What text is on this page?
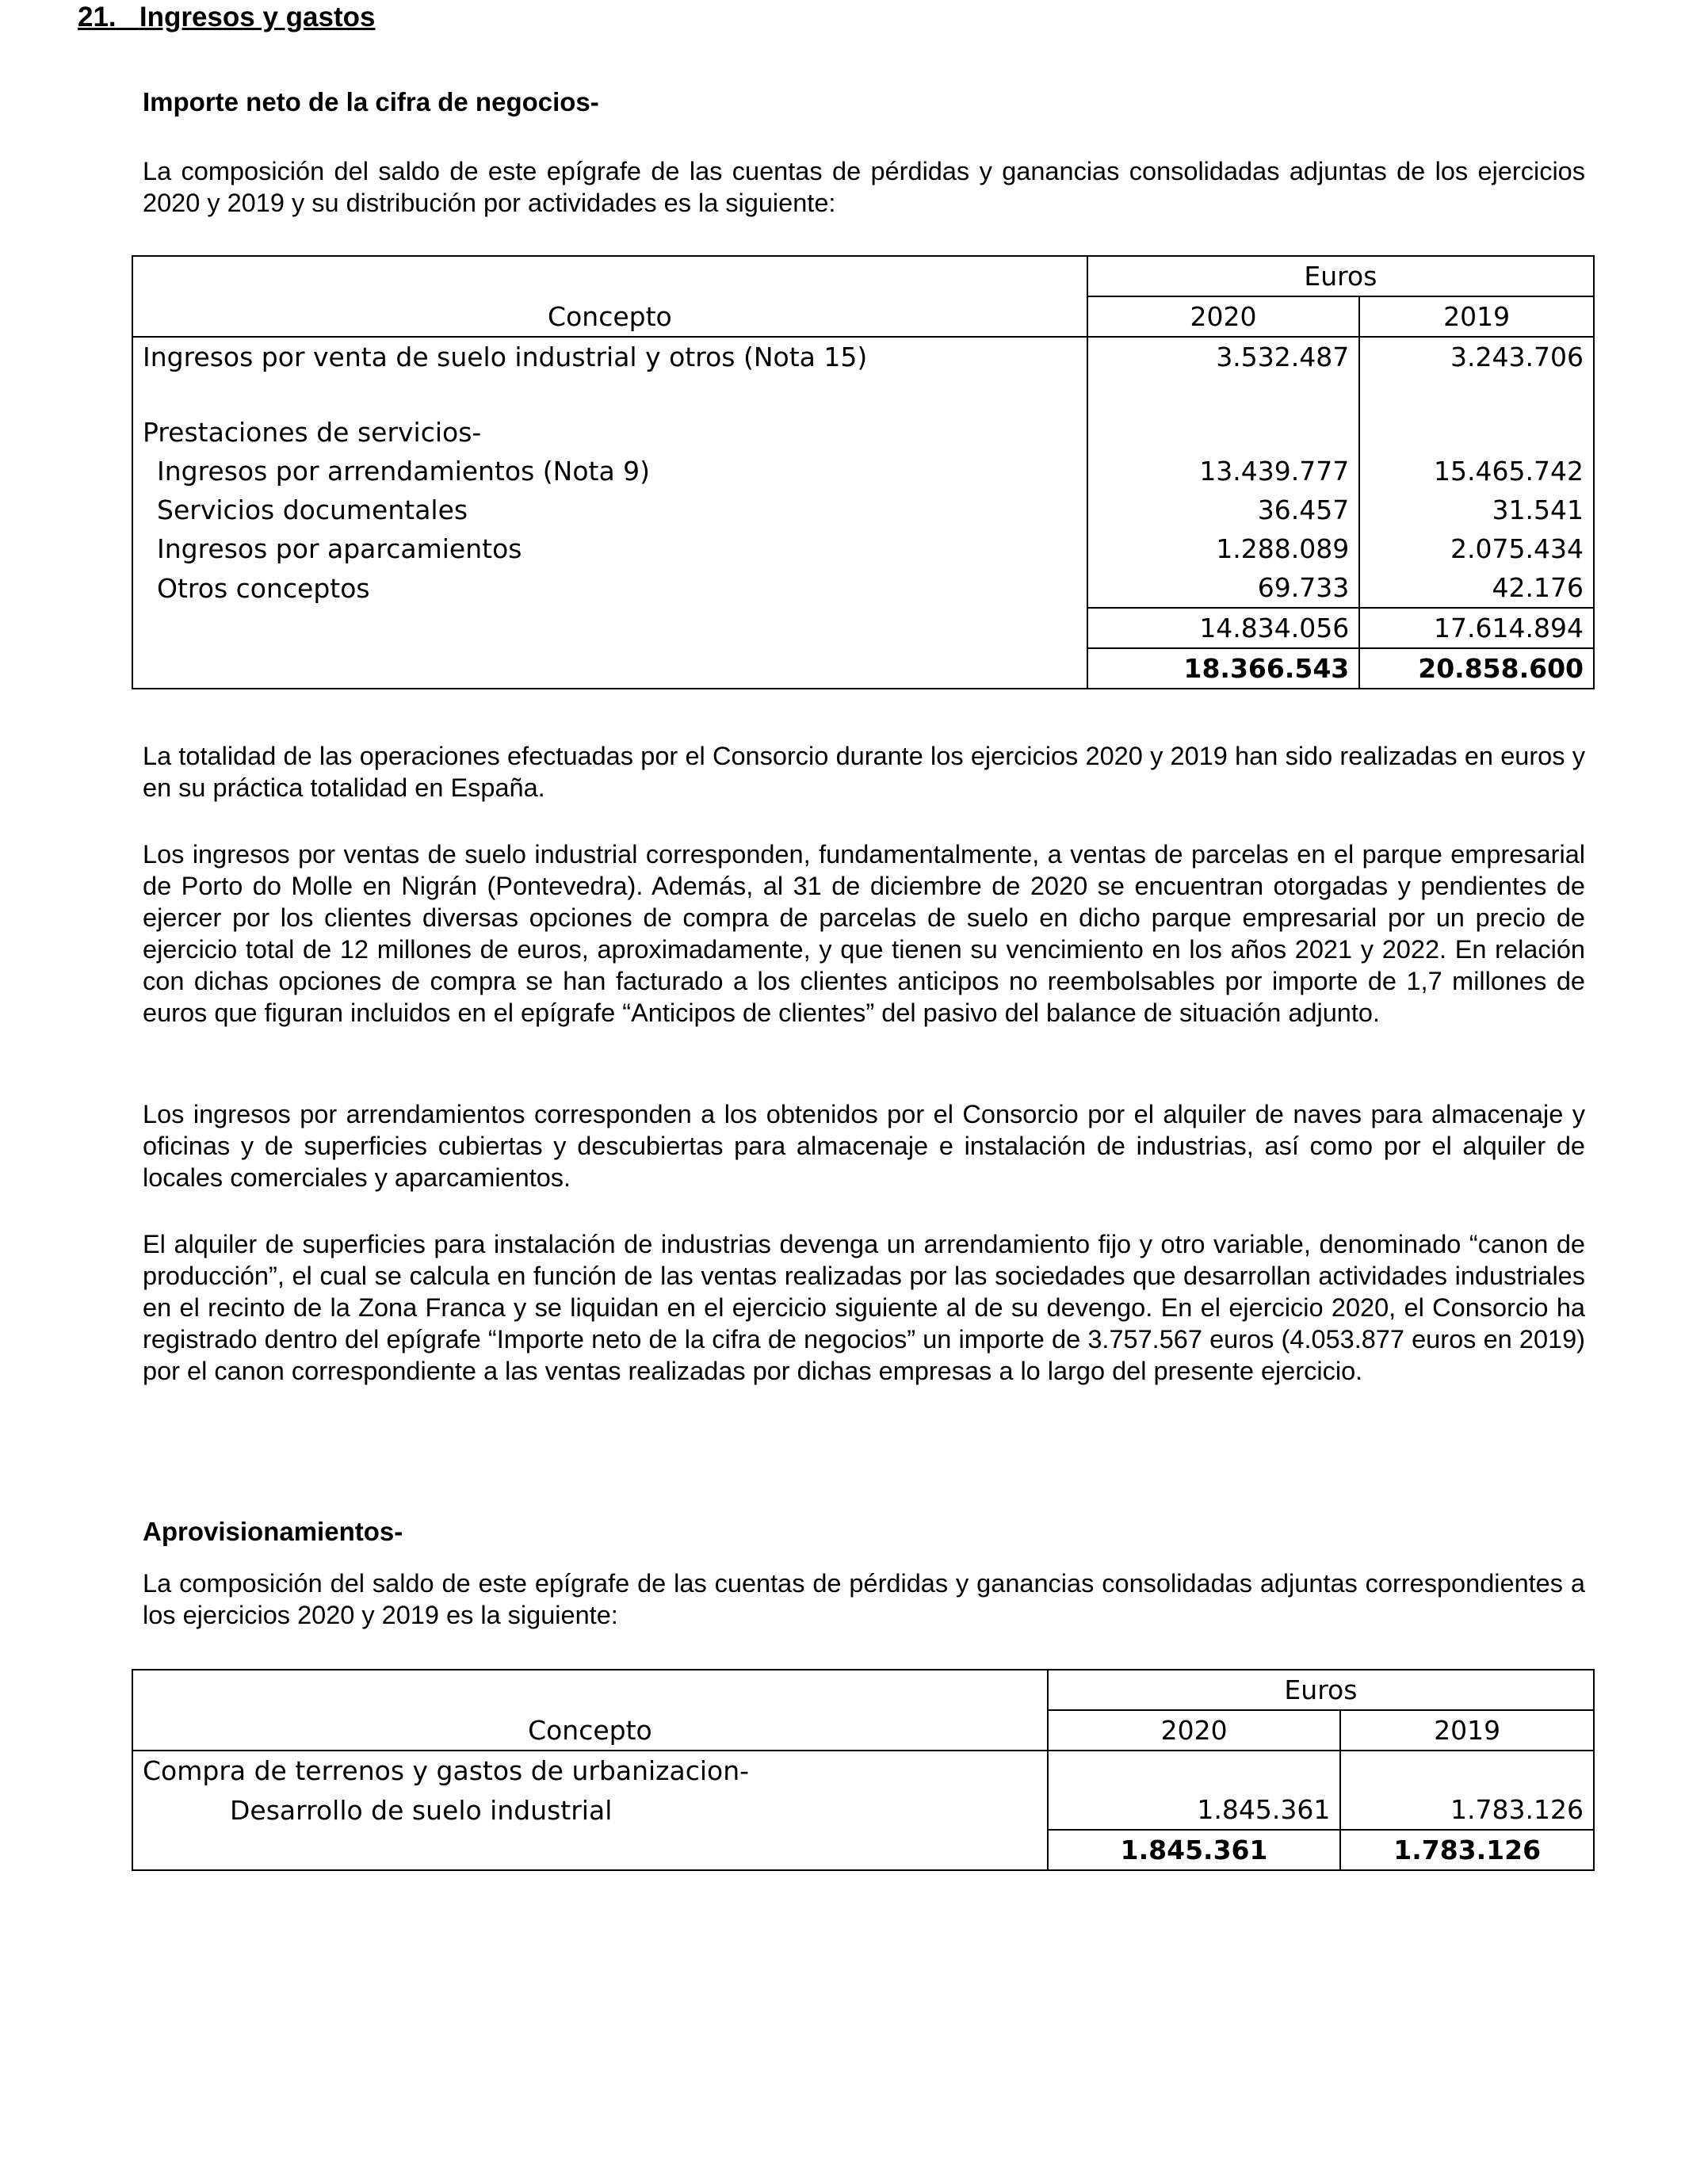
21. Ingresos y gastos
Importe neto de la cifra de negocios-
La composición del saldo de este epígrafe de las cuentas de pérdidas y ganancias consolidadas adjuntas de los ejercicios 2020 y 2019 y su distribución por actividades es la siguiente:
	Euros	
Concepto	2020	2019
Ingresos por venta de suelo industrial y otros (Nota 15)	3.532.487	3.243.706

Prestaciones de servicios-		
Ingresos por arrendamientos (Nota 9)	13.439.777	15.465.742
Servicios documentales	36.457	31.541
Ingresos por aparcamientos	1.288.089	2.075.434
Otros conceptos	69.733	42.176
	14.834.056	17.614.894
	18.366.543	20.858.600
La totalidad de las operaciones efectuadas por el Consorcio durante los ejercicios 2020 y 2019 han sido realizadas en euros y en su práctica totalidad en España.
Los ingresos por ventas de suelo industrial corresponden, fundamentalmente, a ventas de parcelas en el parque empresarial de Porto do Molle en Nigrán (Pontevedra). Además, al 31 de diciembre de 2020 se encuentran otorgadas y pendientes de ejercer por los clientes diversas opciones de compra de parcelas de suelo en dicho parque empresarial por un precio de ejercicio total de 12 millones de euros, aproximadamente, y que tienen su vencimiento en los años 2021 y 2022. En relación con dichas opciones de compra se han facturado a los clientes anticipos no reembolsables por importe de 1,7 millones de euros que figuran incluidos en el epígrafe “Anticipos de clientes” del pasivo del balance de situación adjunto.
Los ingresos por arrendamientos corresponden a los obtenidos por el Consorcio por el alquiler de naves para almacenaje y oficinas y de superficies cubiertas y descubiertas para almacenaje e instalación de industrias, así como por el alquiler de locales comerciales y aparcamientos.
El alquiler de superficies para instalación de industrias devenga un arrendamiento fijo y otro variable, denominado “canon de producción”, el cual se calcula en función de las ventas realizadas por las sociedades que desarrollan actividades industriales en el recinto de la Zona Franca y se liquidan en el ejercicio siguiente al de su devengo. En el ejercicio 2020, el Consorcio ha registrado dentro del epígrafe “Importe neto de la cifra de negocios” un importe de 3.757.567 euros (4.053.877 euros en 2019) por el canon correspondiente a las ventas realizadas por dichas empresas a lo largo del presente ejercicio.
Aprovisionamientos-
La composición del saldo de este epígrafe de las cuentas de pérdidas y ganancias consolidadas adjuntas correspondientes a los ejercicios 2020 y 2019 es la siguiente:
	Euros	
Concepto	2020	2019
Compra de terrenos y gastos de urbanizacion-		
Desarrollo de suelo industrial	1.845.361	1.783.126
	1.845.361	1.783.126
